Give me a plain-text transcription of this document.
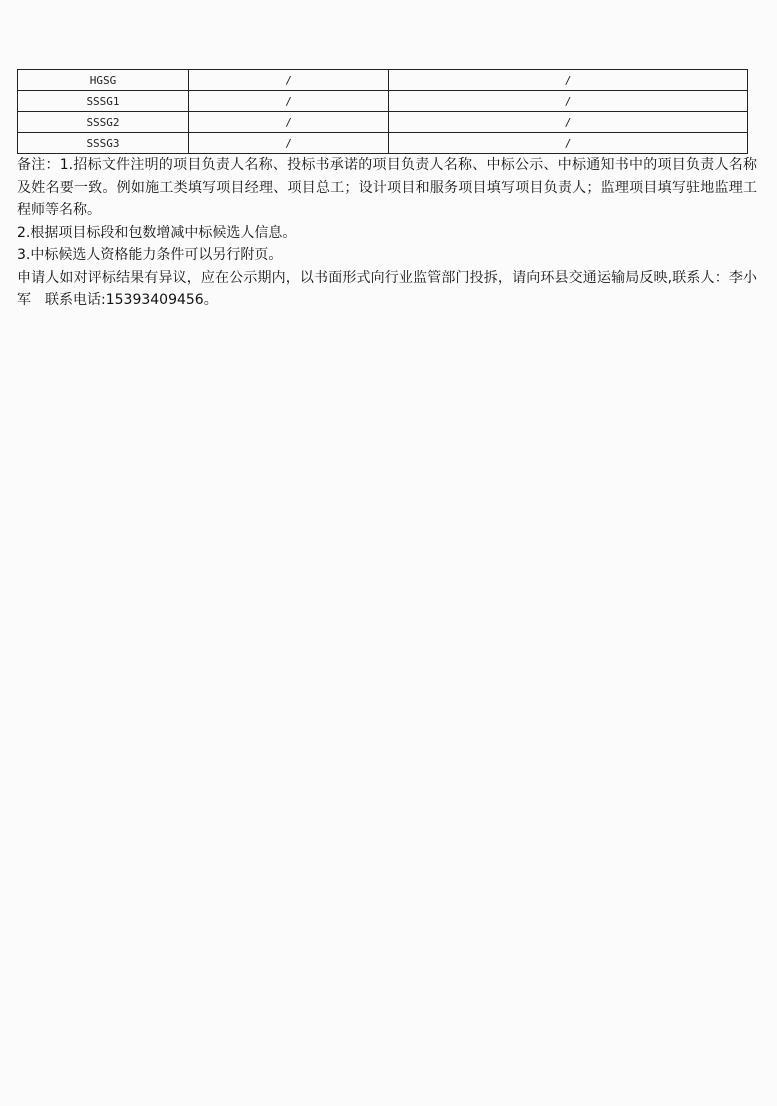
HGSG	/	/
SSSG1	/	/
SSSG2	/	/
SSSG3	/	/

备注：1.招标文件注明的项目负责人名称、投标书承诺的项目负责人名称、中标公示、中标通知书中的项目负责人名称及姓名要一致。例如施工类填写项目经理、项目总工；设计项目和服务项目填写项目负责人；监理项目填写驻地监理工程师等名称。

2.根据项目标段和包数增减中标候选人信息。

3.中标候选人资格能力条件可以另行附页。

申请人如对评标结果有异议，应在公示期内，以书面形式向行业监管部门投拆，请向环县交通运输局反映,联系人：李小军　联系电话:15393409456。
